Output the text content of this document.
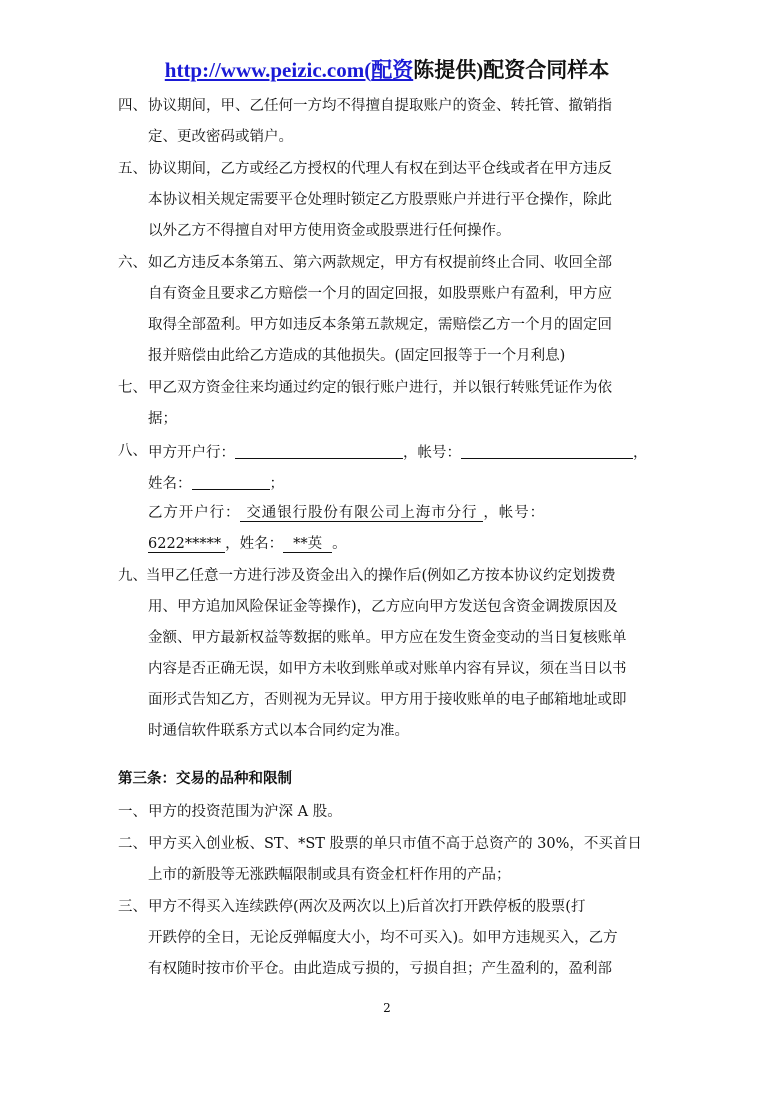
http://www.peizic.com(配资陈提供)配资合同样本
四、 协议期间，甲、乙任何一方均不得擅自提取账户的资金、转托管、撤销指
定、更改密码或销户。
五、 协议期间，乙方或经乙方授权的代理人有权在到达平仓线或者在甲方违反
本协议相关规定需要平仓处理时锁定乙方股票账户并进行平仓操作，除此
以外乙方不得擅自对甲方使用资金或股票进行任何操作。
六、 如乙方违反本条第五、第六两款规定，甲方有权提前终止合同、收回全部
自有资金且要求乙方赔偿一个月的固定回报，如股票账户有盈利，甲方应
取得全部盈利。甲方如违反本条第五款规定，需赔偿乙方一个月的固定回
报并赔偿由此给乙方造成的其他损失。(固定回报等于一个月利息)
七、 甲乙双方资金往来均通过约定的银行账户进行，并以银行转账凭证作为依
据；
八、 甲方开户行：	，帐号：	，
姓名：	；
乙方开户行： 交通银行股份有限公司上海市分行 ，帐号：
6222***** ，姓名： **英 。
九、 当甲乙任意一方进行涉及资金出入的操作后(例如乙方按本协议约定划拨费
用、甲方追加风险保证金等操作)，乙方应向甲方发送包含资金调拨原因及
金额、甲方最新权益等数据的账单。甲方应在发生资金变动的当日复核账单
内容是否正确无误，如甲方未收到账单或对账单内容有异议，须在当日以书
面形式告知乙方，否则视为无异议。甲方用于接收账单的电子邮箱地址或即
时通信软件联系方式以本合同约定为准。
第三条：交易的品种和限制
一、 甲方的投资范围为沪深 A 股。
二、 甲方买入创业板、ST、*ST 股票的单只市值不高于总资产的 30%，不买首日
上市的新股等无涨跌幅限制或具有资金杠杆作用的产品；
三、 甲方不得买入连续跌停(两次及两次以上)后首次打开跌停板的股票(打
开跌停的全日，无论反弹幅度大小，均不可买入)。如甲方违规买入，乙方
有权随时按市价平仓。由此造成亏损的，亏损自担；产生盈利的，盈利部
2
